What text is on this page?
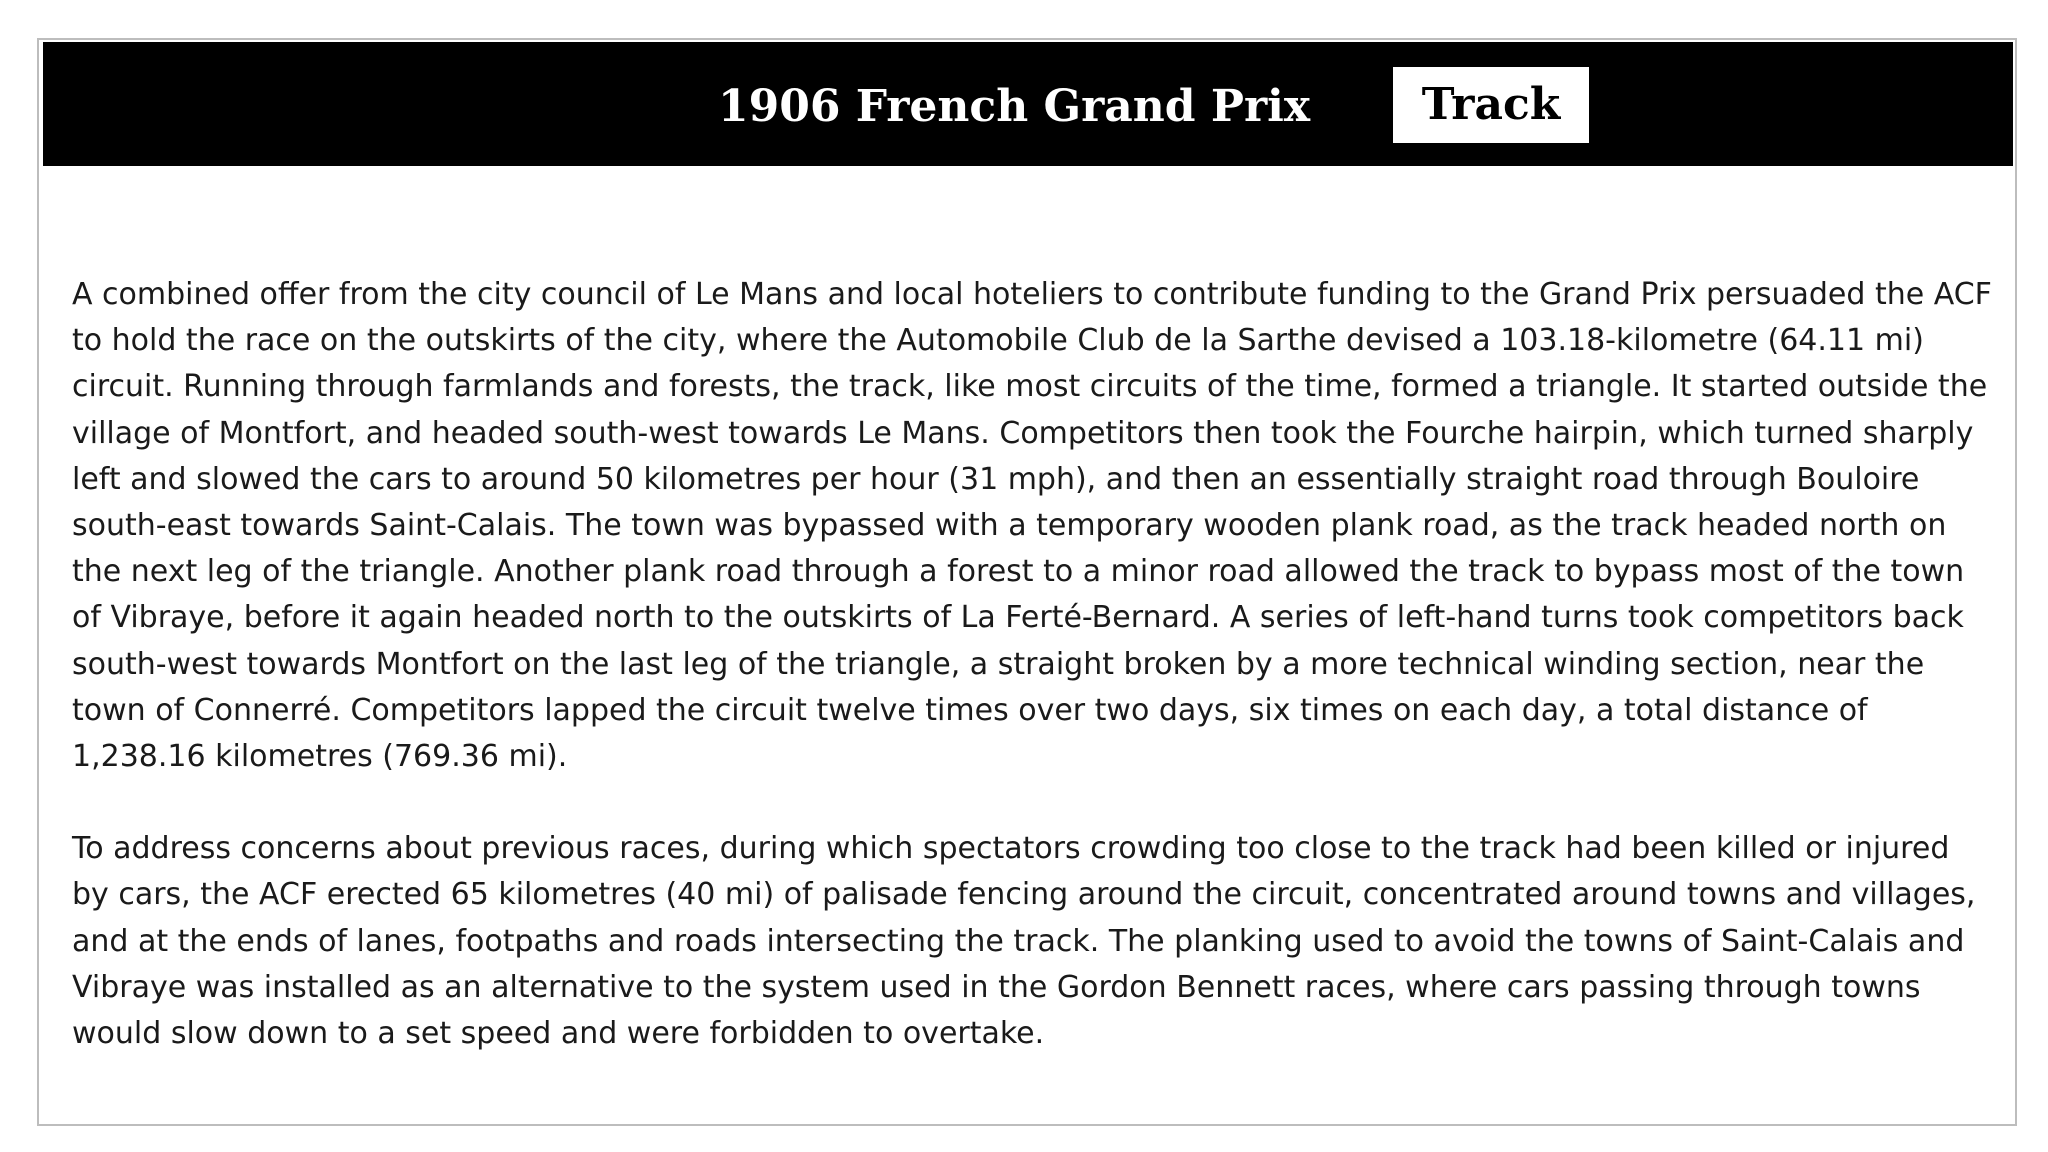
1906 French Grand Prix	Track

A combined offer from the city council of Le Mans and local hoteliers to contribute funding to the Grand Prix persuaded the ACF to hold the race on the outskirts of the city, where the Automobile Club de la Sarthe devised a 103.18-kilometre (64.11 mi) circuit. Running through farmlands and forests, the track, like most circuits of the time, formed a triangle. It started outside the village of Montfort, and headed south-west towards Le Mans. Competitors then took the Fourche hairpin, which turned sharply left and slowed the cars to around 50 kilometres per hour (31 mph), and then an essentially straight road through Bouloire south-east towards Saint-Calais. The town was bypassed with a temporary wooden plank road, as the track headed north on the next leg of the triangle. Another plank road through a forest to a minor road allowed the track to bypass most of the town of Vibraye, before it again headed north to the outskirts of La Ferté-Bernard. A series of left-hand turns took competitors back south-west towards Montfort on the last leg of the triangle, a straight broken by a more technical winding section, near the town of Connerré. Competitors lapped the circuit twelve times over two days, six times on each day, a total distance of 1,238.16 kilometres (769.36 mi).

To address concerns about previous races, during which spectators crowding too close to the track had been killed or injured by cars, the ACF erected 65 kilometres (40 mi) of palisade fencing around the circuit, concentrated around towns and villages, and at the ends of lanes, footpaths and roads intersecting the track. The planking used to avoid the towns of Saint-Calais and Vibraye was installed as an alternative to the system used in the Gordon Bennett races, where cars passing through towns would slow down to a set speed and were forbidden to overtake.
